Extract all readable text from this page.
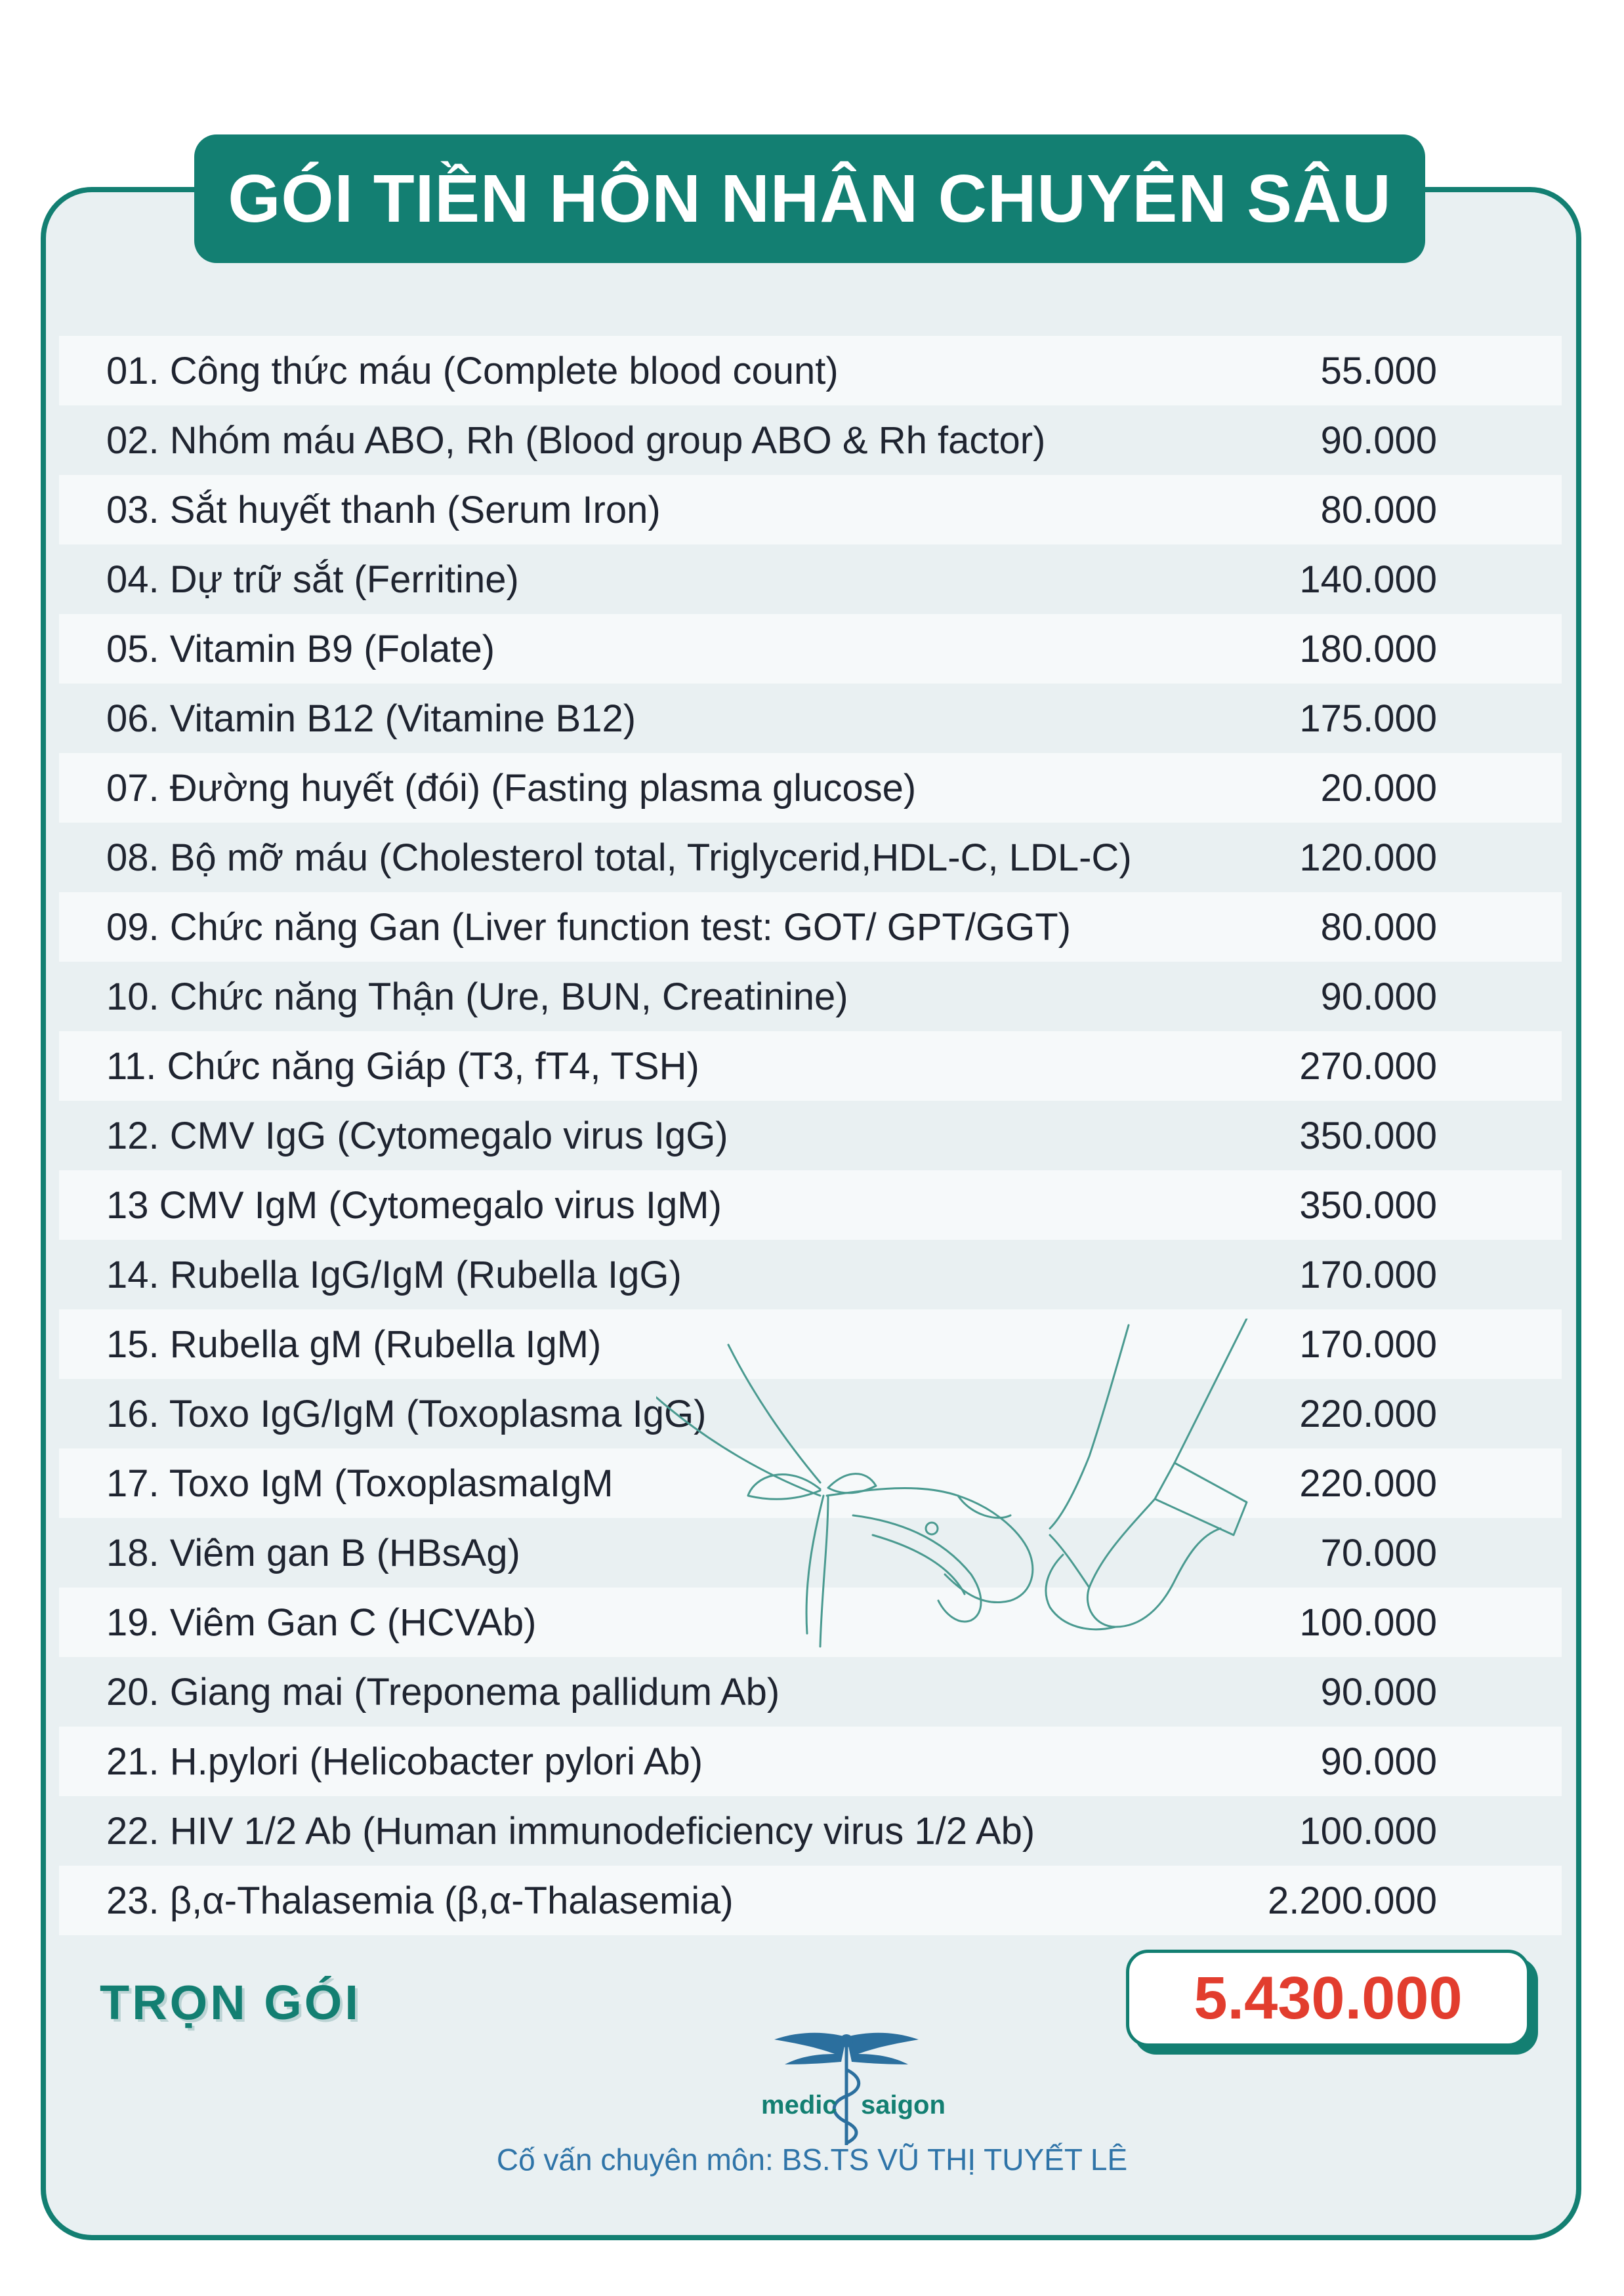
GÓI TIỀN HÔN NHÂN CHUYÊN SÂU
01. Công thức máu (Complete blood count)	55.000
02. Nhóm máu ABO, Rh (Blood group ABO & Rh factor)	90.000
03. Sắt huyết thanh (Serum Iron)	80.000
04. Dự trữ sắt (Ferritine)	140.000
05. Vitamin B9 (Folate)	180.000
06. Vitamin B12 (Vitamine B12)	175.000
07. Đường huyết (đói) (Fasting plasma glucose)	20.000
08. Bộ mỡ máu (Cholesterol total, Triglycerid,HDL-C, LDL-C)	120.000
09. Chức năng Gan (Liver function test: GOT/ GPT/GGT)	80.000
10. Chức năng Thận (Ure, BUN, Creatinine)	90.000
11. Chức năng Giáp (T3, fT4, TSH)	270.000
12. CMV IgG (Cytomegalo virus IgG)	350.000
13 CMV IgM (Cytomegalo virus IgM)	350.000
14. Rubella IgG/IgM (Rubella IgG)	170.000
15. Rubella gM (Rubella IgM)	170.000
16. Toxo IgG/IgM (Toxoplasma IgG)	220.000
17. Toxo IgM (ToxoplasmaIgM	220.000
18. Viêm gan B (HBsAg)	70.000
19. Viêm Gan C (HCVAb)	100.000
20. Giang mai (Treponema pallidum Ab)	90.000
21. H.pylori (Helicobacter pylori Ab)	90.000
22. HIV 1/2 Ab (Human immunodeficiency virus 1/2 Ab)	100.000
23. β,α-Thalasemia (β,α-Thalasemia)	2.200.000
TRỌN GÓI	5.430.000
medic saigon
Cố vấn chuyên môn: BS.TS VŨ THỊ TUYẾT LÊ
